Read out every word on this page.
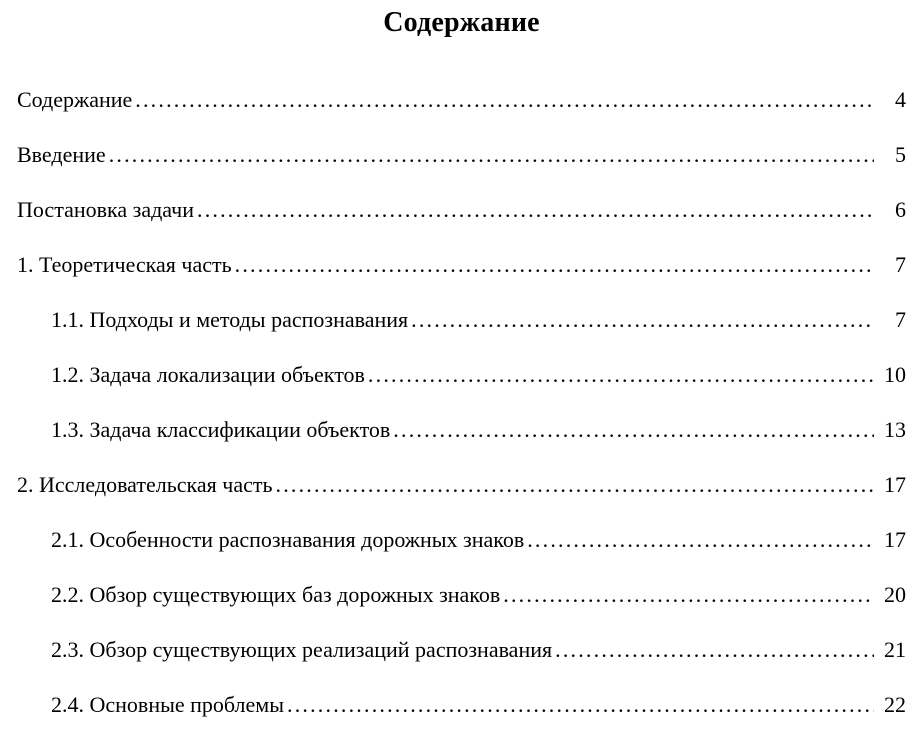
Содержание
Содержание .....	4
Введение .....	5
Постановка задачи .....	6
1. Теоретическая часть .....	7
1.1. Подходы и методы распознавания .....	7
1.2. Задача локализации объектов .....	10
1.3. Задача классификации объектов .....	13
2. Исследовательская часть .....	17
2.1. Особенности распознавания дорожных знаков .....	17
2.2. Обзор существующих баз дорожных знаков .....	20
2.3. Обзор существующих реализаций распознавания .....	21
2.4. Основные проблемы .....	22
